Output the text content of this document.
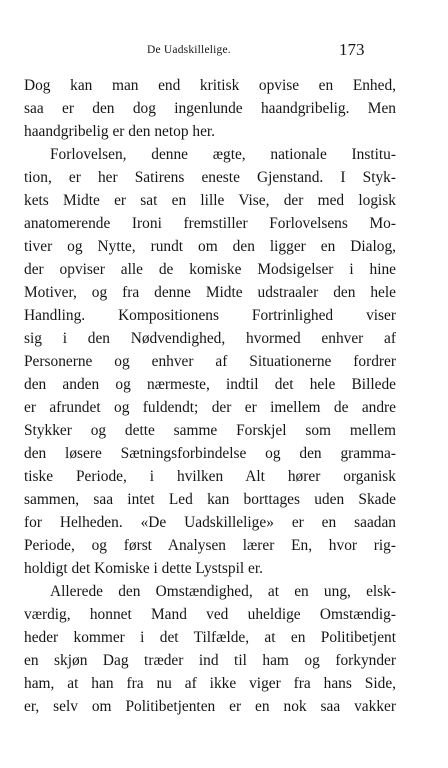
De Uadskillelige.	173
Dog kan man end kritisk opvise en Enhed,
saa er den dog ingenlunde haandgribelig. Men
haandgribelig er den netop her.
Forlovelsen, denne ægte, nationale Institu-
tion, er her Satirens eneste Gjenstand. I Styk-
kets Midte er sat en lille Vise, der med logisk
anatomerende Ironi fremstiller Forlovelsens Mo-
tiver og Nytte, rundt om den ligger en Dialog,
der opviser alle de komiske Modsigelser i hine
Motiver, og fra denne Midte udstraaler den hele
Handling. Kompositionens Fortrinlighed viser
sig i den Nødvendighed, hvormed enhver af
Personerne og enhver af Situationerne fordrer
den anden og nærmeste, indtil det hele Billede
er afrundet og fuldendt; der er imellem de andre
Stykker og dette samme Forskjel som mellem
den løsere Sætningsforbindelse og den gramma-
tiske Periode, i hvilken Alt hører organisk
sammen, saa intet Led kan borttages uden Skade
for Helheden. «De Uadskillelige» er en saadan
Periode, og først Analysen lærer En, hvor rig-
holdigt det Komiske i dette Lystspil er.
Allerede den Omstændighed, at en ung, elsk-
værdig, honnet Mand ved uheldige Omstændig-
heder kommer i det Tilfælde, at en Politibetjent
en skjøn Dag træder ind til ham og forkynder
ham, at han fra nu af ikke viger fra hans Side,
er, selv om Politibetjenten er en nok saa vakker
